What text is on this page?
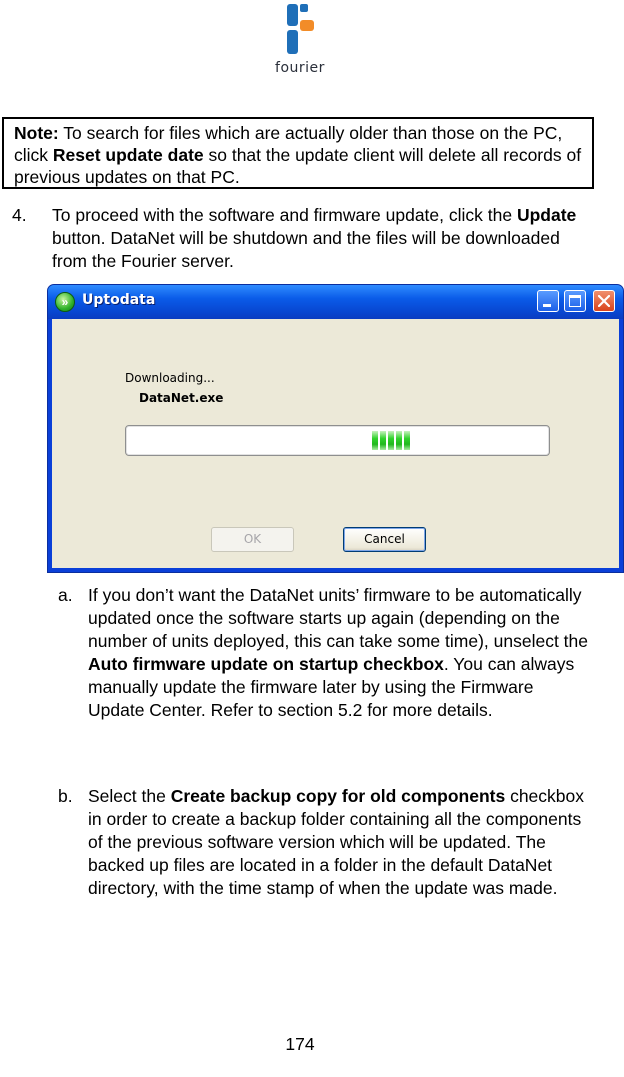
fourier
Note: To search for files which are actually older than those on the PC, click Reset update date so that the update client will delete all records of previous updates on that PC.
4. To proceed with the software and firmware update, click the Update button. DataNet will be shutdown and the files will be downloaded from the Fourier server.
» Uptodata
Downloading...
DataNet.exe
OK	Cancel
a. If you don’t want the DataNet units’ firmware to be automatically updated once the software starts up again (depending on the number of units deployed, this can take some time), unselect the Auto firmware update on startup checkbox. You can always manually update the firmware later by using the Firmware Update Center. Refer to section 5.2 for more details.
b. Select the Create backup copy for old components checkbox in order to create a backup folder containing all the components of the previous software version which will be updated. The backed up files are located in a folder in the default DataNet directory, with the time stamp of when the update was made.
174
